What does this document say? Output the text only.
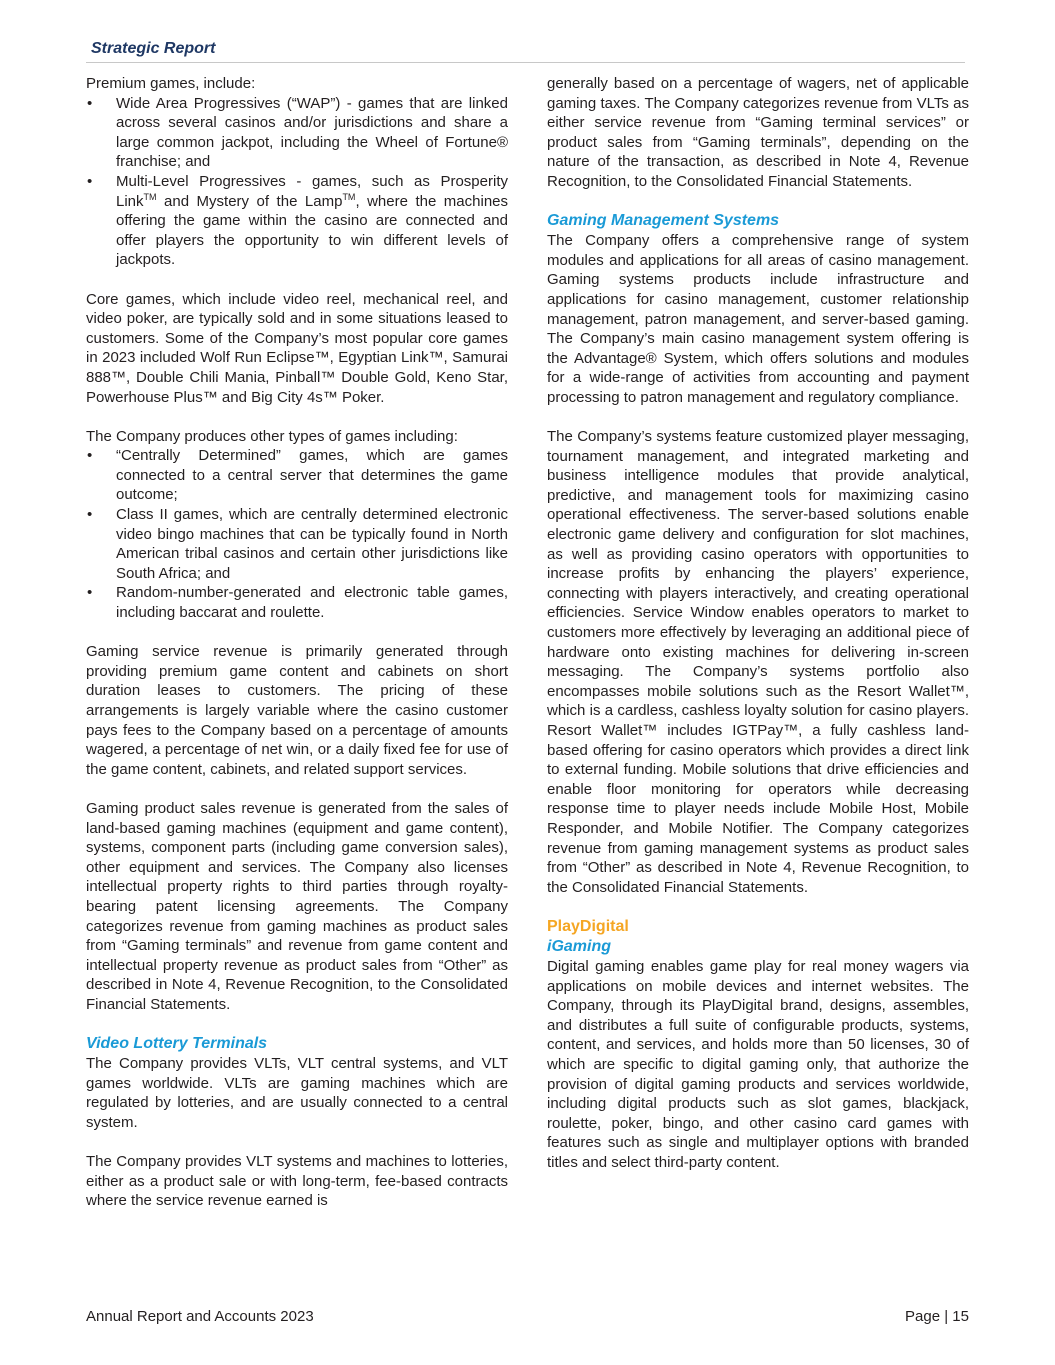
Strategic Report

Premium games, include:

• Wide Area Progressives (“WAP”) - games that are linked across several casinos and/or jurisdictions and share a large common jackpot, including the Wheel of Fortune® franchise; and
• Multi-Level Progressives - games, such as Prosperity Link™ and Mystery of the Lamp™, where the machines offering the game within the casino are connected and offer players the opportunity to win different levels of jackpots.

Core games, which include video reel, mechanical reel, and video poker, are typically sold and in some situations leased to customers. Some of the Company’s most popular core games in 2023 included Wolf Run Eclipse™, Egyptian Link™, Samurai 888™, Double Chili Mania, Pinball™ Double Gold, Keno Star, Powerhouse Plus™ and Big City 4s™ Poker.

The Company produces other types of games including:

• “Centrally Determined” games, which are games connected to a central server that determines the game outcome;
• Class II games, which are centrally determined electronic video bingo machines that can be typically found in North American tribal casinos and certain other jurisdictions like South Africa; and
• Random-number-generated and electronic table games, including baccarat and roulette.

Gaming service revenue is primarily generated through providing premium game content and cabinets on short duration leases to customers. The pricing of these arrangements is largely variable where the casino customer pays fees to the Company based on a percentage of amounts wagered, a percentage of net win, or a daily fixed fee for use of the game content, cabinets, and related support services.

Gaming product sales revenue is generated from the sales of land-based gaming machines (equipment and game content), systems, component parts (including game conversion sales), other equipment and services. The Company also licenses intellectual property rights to third parties through royalty-bearing patent licensing agreements. The Company categorizes revenue from gaming machines as product sales from “Gaming terminals” and revenue from game content and intellectual property revenue as product sales from “Other” as described in Note 4, Revenue Recognition, to the Consolidated Financial Statements.

Video Lottery Terminals

The Company provides VLTs, VLT central systems, and VLT games worldwide. VLTs are gaming machines which are regulated by lotteries, and are usually connected to a central system.

The Company provides VLT systems and machines to lotteries, either as a product sale or with long-term, fee-based contracts where the service revenue earned is

generally based on a percentage of wagers, net of applicable gaming taxes. The Company categorizes revenue from VLTs as either service revenue from “Gaming terminal services” or product sales from “Gaming terminals”, depending on the nature of the transaction, as described in Note 4, Revenue Recognition, to the Consolidated Financial Statements.

Gaming Management Systems

The Company offers a comprehensive range of system modules and applications for all areas of casino management. Gaming systems products include infrastructure and applications for casino management, customer relationship management, patron management, and server-based gaming. The Company’s main casino management system offering is the Advantage® System, which offers solutions and modules for a wide-range of activities from accounting and payment processing to patron management and regulatory compliance.

The Company’s systems feature customized player messaging, tournament management, and integrated marketing and business intelligence modules that provide analytical, predictive, and management tools for maximizing casino operational effectiveness. The server-based solutions enable electronic game delivery and configuration for slot machines, as well as providing casino operators with opportunities to increase profits by enhancing the players’ experience, connecting with players interactively, and creating operational efficiencies. Service Window enables operators to market to customers more effectively by leveraging an additional piece of hardware onto existing machines for delivering in-screen messaging. The Company’s systems portfolio also encompasses mobile solutions such as the Resort Wallet™, which is a cardless, cashless loyalty solution for casino players. Resort Wallet™ includes IGTPay™, a fully cashless land-based offering for casino operators which provides a direct link to external funding. Mobile solutions that drive efficiencies and enable floor monitoring for operators while decreasing response time to player needs include Mobile Host, Mobile Responder, and Mobile Notifier. The Company categorizes revenue from gaming management systems as product sales from “Other” as described in Note 4, Revenue Recognition, to the Consolidated Financial Statements.

PlayDigital

iGaming

Digital gaming enables game play for real money wagers via applications on mobile devices and internet websites. The Company, through its PlayDigital brand, designs, assembles, and distributes a full suite of configurable products, systems, content, and services, and holds more than 50 licenses, 30 of which are specific to digital gaming only, that authorize the provision of digital gaming products and services worldwide, including digital products such as slot games, blackjack, roulette, poker, bingo, and other casino card games with features such as single and multiplayer options with branded titles and select third-party content.

Annual Report and Accounts 2023	Page | 15
